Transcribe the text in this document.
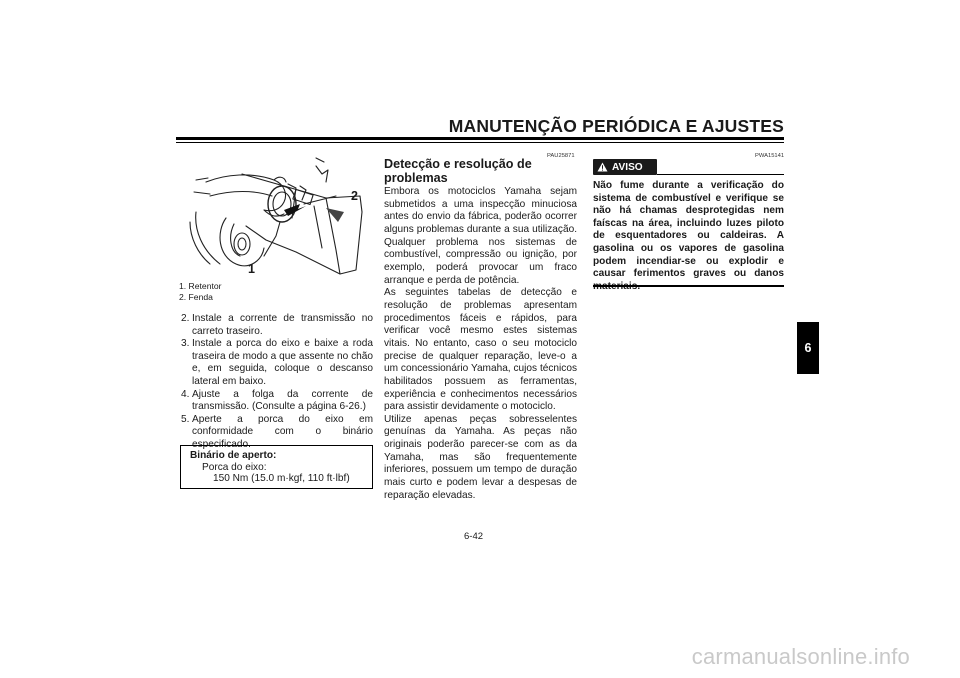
MANUTENÇÃO PERIÓDICA E AJUSTES
6
2
1
1. Retentor
2. Fenda
2. Instale a corrente de transmissão no carreto traseiro.
3. Instale a porca do eixo e baixe a roda traseira de modo a que assente no chão e, em seguida, coloque o descanso lateral em baixo.
4. Ajuste a folga da corrente de transmissão. (Consulte a página 6-26.)
5. Aperte a porca do eixo em conformidade com o binário especificado.
Binário de aperto:
Porca do eixo:
150 Nm (15.0 m·kgf, 110 ft·lbf)
PAU25871
Detecção e resolução de problemas

Embora os motociclos Yamaha sejam submetidos a uma inspecção minuciosa antes do envio da fábrica, poderão ocorrer alguns problemas durante a sua utilização. Qualquer problema nos sistemas de combustível, compressão ou ignição, por exemplo, poderá provocar um fraco arranque e perda de potência.

As seguintes tabelas de detecção e resolução de problemas apresentam procedimentos fáceis e rápidos, para verificar você mesmo estes sistemas vitais. No entanto, caso o seu motociclo precise de qualquer reparação, leve-o a um concessionário Yamaha, cujos técnicos habilitados possuem as ferramentas, experiência e conhecimentos necessários para assistir devidamente o motociclo.

Utilize apenas peças sobresselentes genuínas da Yamaha. As peças não originais poderão parecer-se com as da Yamaha, mas são frequentemente inferiores, possuem um tempo de duração mais curto e podem levar a despesas de reparação elevadas.

PWA15141
AVISO
Não fume durante a verificação do sistema de combustível e verifique se não há chamas desprotegidas nem faíscas na área, incluindo luzes piloto de esquentadores ou caldeiras. A gasolina ou os vapores de gasolina podem incendiar-se ou explodir e causar ferimentos graves ou danos
6-42
carmanualsonline.info
